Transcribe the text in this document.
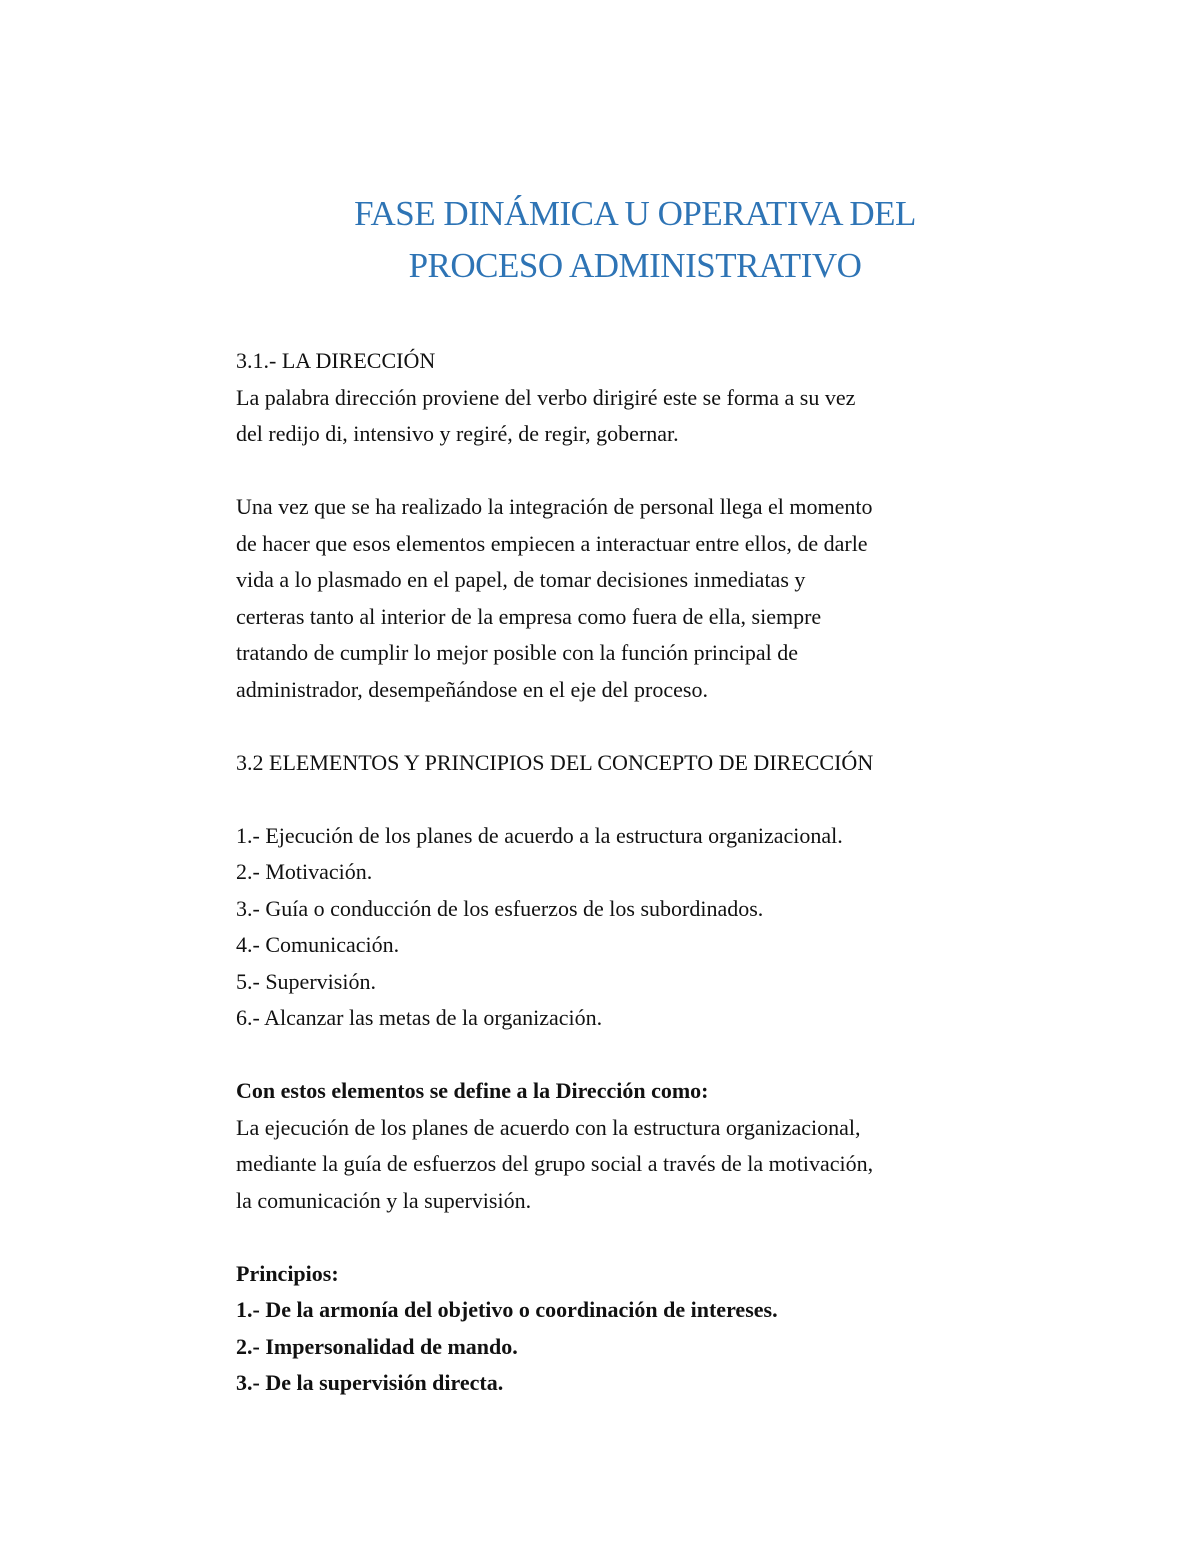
FASE DINÁMICA U OPERATIVA DEL
PROCESO ADMINISTRATIVO
3.1.- LA DIRECCIÓN
La palabra dirección proviene del verbo dirigiré este se forma a su vez
del redijo di, intensivo y regiré, de regir, gobernar.
Una vez que se ha realizado la integración de personal llega el momento
de hacer que esos elementos empiecen a interactuar entre ellos, de darle
vida a lo plasmado en el papel, de tomar decisiones inmediatas y
certeras tanto al interior de la empresa como fuera de ella, siempre
tratando de cumplir lo mejor posible con la función principal de
administrador, desempeñándose en el eje del proceso.
3.2 ELEMENTOS Y PRINCIPIOS DEL CONCEPTO DE DIRECCIÓN
1.- Ejecución de los planes de acuerdo a la estructura organizacional.
2.- Motivación.
3.- Guía o conducción de los esfuerzos de los subordinados.
4.- Comunicación.
5.- Supervisión.
6.- Alcanzar las metas de la organización.
Con estos elementos se define a la Dirección como:
La ejecución de los planes de acuerdo con la estructura organizacional,
mediante la guía de esfuerzos del grupo social a través de la motivación,
la comunicación y la supervisión.
Principios:
1.- De la armonía del objetivo o coordinación de intereses.
2.- Impersonalidad de mando.
3.- De la supervisión directa.
